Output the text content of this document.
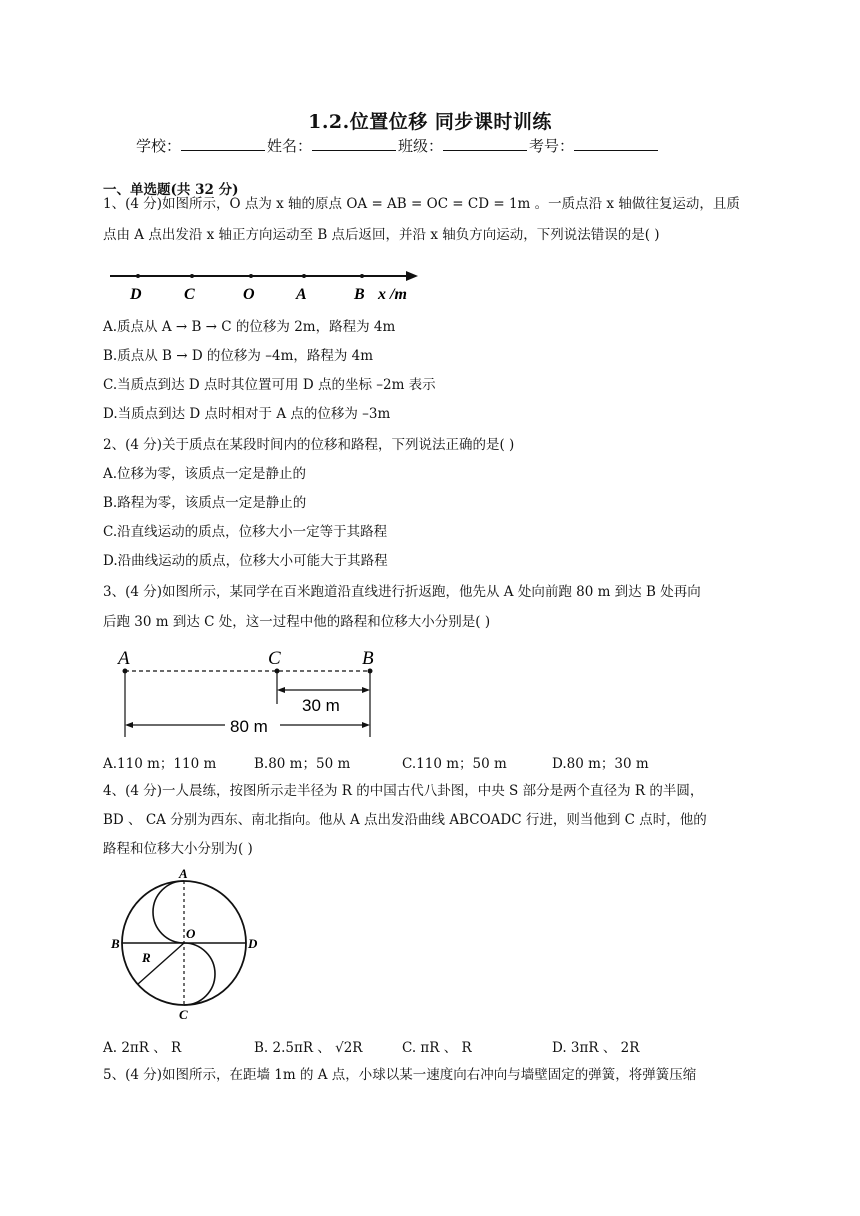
1.2.位置位移 同步课时训练
学校：	姓名：	班级：	考号：
一、单选题(共 32 分)
1、(4 分)如图所示，O 点为 x 轴的原点 OA = AB = OC = CD = 1m 。一质点沿 x 轴做往复运动，且质
点由 A 点出发沿 x 轴正方向运动至 B 点后返回，并沿 x 轴负方向运动，下列说法错误的是( )
D	C	O	A	B x /m
A.质点从 A → B → C 的位移为 2m，路程为 4m
B.质点从 B → D 的位移为 –4m，路程为 4m
C.当质点到达 D 点时其位置可用 D 点的坐标 –2m 表示
D.当质点到达 D 点时相对于 A 点的位移为 –3m
2、(4 分)关于质点在某段时间内的位移和路程，下列说法正确的是( )
A.位移为零，该质点一定是静止的
B.路程为零，该质点一定是静止的
C.沿直线运动的质点，位移大小一定等于其路程
D.沿曲线运动的质点，位移大小可能大于其路程
3、(4 分)如图所示，某同学在百米跑道沿直线进行折返跑，他先从 A 处向前跑 80 m 到达 B 处再向
后跑 30 m 到达 C 处，这一过程中他的路程和位移大小分别是( )
A	C	B
30 m
80 m
A.110 m；110 m	B.80 m；50 m	C.110 m；50 m	D.80 m；30 m
4、(4 分)一人晨练，按图所示走半径为 R 的中国古代八卦图，中央 S 部分是两个直径为 R 的半圆，
BD 、 CA 分别为西东、南北指向。他从 A 点出发沿曲线 ABCOADC 行进，则当他到 C 点时，他的
路程和位移大小分别为( )
A
B
O
D
R
C
A. 2πR 、 R	B. 2.5πR 、 √2R	C. πR 、 R	D. 3πR 、 2R
5、(4 分)如图所示，在距墙 1m 的 A 点，小球以某一速度向右冲向与墙壁固定的弹簧，将弹簧压缩
